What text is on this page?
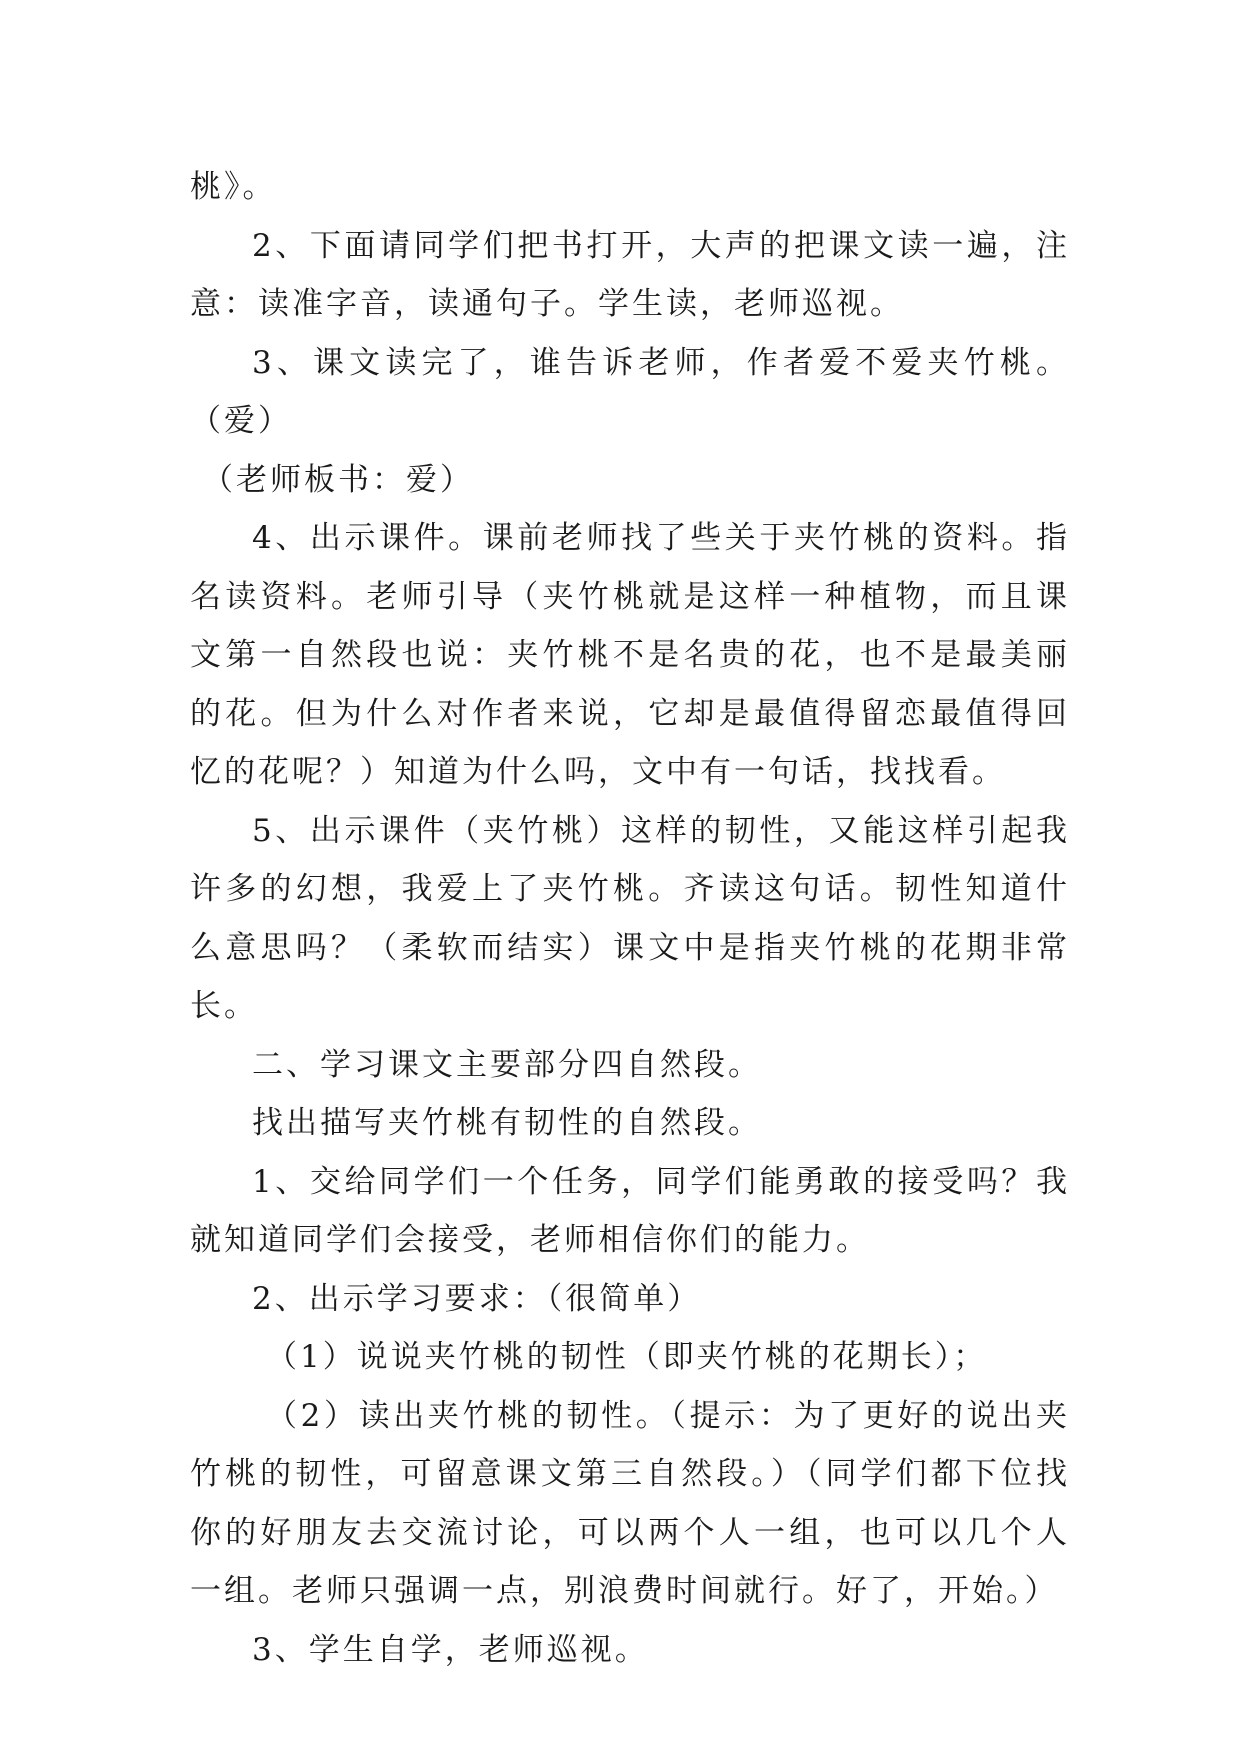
桃》。

2、下面请同学们把书打开，大声的把课文读一遍，注意：读准字音，读通句子。学生读，老师巡视。

3、课文读完了，谁告诉老师，作者爱不爱夹竹桃。（爱）

（老师板书：爱）

4、出示课件。课前老师找了些关于夹竹桃的资料。指名读资料。老师引导（夹竹桃就是这样一种植物，而且课文第一自然段也说：夹竹桃不是名贵的花，也不是最美丽的花。但为什么对作者来说，它却是最值得留恋最值得回忆的花呢？）知道为什么吗，文中有一句话，找找看。

5、出示课件（夹竹桃）这样的韧性，又能这样引起我许多的幻想，我爱上了夹竹桃。齐读这句话。韧性知道什么意思吗？（柔软而结实）课文中是指夹竹桃的花期非常长。

二、学习课文主要部分四自然段。

找出描写夹竹桃有韧性的自然段。

1、交给同学们一个任务，同学们能勇敢的接受吗？我就知道同学们会接受，老师相信你们的能力。

2、出示学习要求：（很简单）

（1）说说夹竹桃的韧性（即夹竹桃的花期长）；

（2）读出夹竹桃的韧性。（提示：为了更好的说出夹竹桃的韧性，可留意课文第三自然段。）（同学们都下位找你的好朋友去交流讨论，可以两个人一组，也可以几个人一组。老师只强调一点，别浪费时间就行。好了，开始。）

3、学生自学，老师巡视。
